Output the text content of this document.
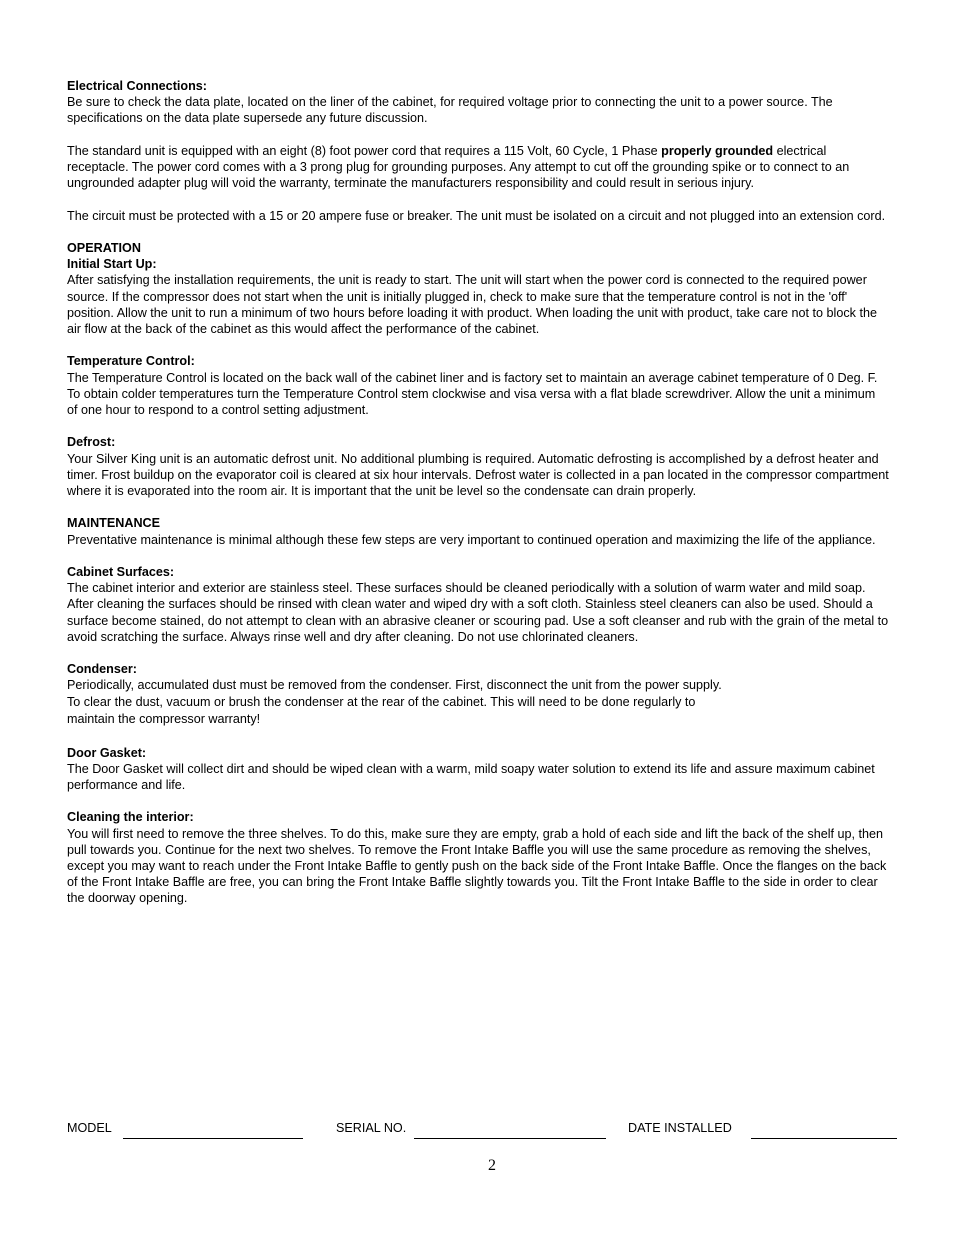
Electrical Connections:

Be sure to check the data plate, located on the liner of the cabinet, for required voltage prior to connecting the unit to a power source. The specifications on the data plate supersede any future discussion.

The standard unit is equipped with an eight (8) foot power cord that requires a 115 Volt, 60 Cycle, 1 Phase properly grounded electrical receptacle. The power cord comes with a 3 prong plug for grounding purposes. Any attempt to cut off the grounding spike or to connect to an ungrounded adapter plug will void the warranty, terminate the manufacturers responsibility and could result in serious injury.

The circuit must be protected with a 15 or 20 ampere fuse or breaker. The unit must be isolated on a circuit and not plugged into an extension cord.

OPERATION
Initial Start Up:

After satisfying the installation requirements, the unit is ready to start. The unit will start when the power cord is connected to the required power source. If the compressor does not start when the unit is initially plugged in, check to make sure that the temperature control is not in the 'off' position. Allow the unit to run a minimum of two hours before loading it with product. When loading the unit with product, take care not to block the air flow at the back of the cabinet as this would affect the performance of the cabinet.

Temperature Control:

The Temperature Control is located on the back wall of the cabinet liner and is factory set to maintain an average cabinet temperature of 0 Deg. F. To obtain colder temperatures turn the Temperature Control stem clockwise and visa versa with a flat blade screwdriver. Allow the unit a minimum of one hour to respond to a control setting adjustment.

Defrost:

Your Silver King unit is an automatic defrost unit. No additional plumbing is required. Automatic defrosting is accomplished by a defrost heater and timer. Frost buildup on the evaporator coil is cleared at six hour intervals. Defrost water is collected in a pan located in the compressor compartment where it is evaporated into the room air. It is important that the unit be level so the condensate can drain properly.

MAINTENANCE

Preventative maintenance is minimal although these few steps are very important to continued operation and maximizing the life of the appliance.

Cabinet Surfaces:

The cabinet interior and exterior are stainless steel. These surfaces should be cleaned periodically with a solution of warm water and mild soap. After cleaning the surfaces should be rinsed with clean water and wiped dry with a soft cloth. Stainless steel cleaners can also be used. Should a surface become stained, do not attempt to clean with an abrasive cleaner or scouring pad. Use a soft cleanser and rub with the grain of the metal to avoid scratching the surface. Always rinse well and dry after cleaning. Do not use chlorinated cleaners.

Condenser:

Periodically, accumulated dust must be removed from the condenser. First, disconnect the unit from the power supply. To clear the dust, vacuum or brush the condenser at the rear of the cabinet. This will need to be done regularly to maintain the compressor warranty!

Door Gasket:

The Door Gasket will collect dirt and should be wiped clean with a warm, mild soapy water solution to extend its life and assure maximum cabinet performance and life.

Cleaning the interior:

You will first need to remove the three shelves. To do this, make sure they are empty, grab a hold of each side and lift the back of the shelf up, then pull towards you. Continue for the next two shelves. To remove the Front Intake Baffle you will use the same procedure as removing the shelves, except you may want to reach under the Front Intake Baffle to gently push on the back side of the Front Intake Baffle. Once the flanges on the back of the Front Intake Baffle are free, you can bring the Front Intake Baffle slightly towards you. Tilt the Front Intake Baffle to the side in order to clear the doorway opening.

MODEL	SERIAL NO.	DATE INSTALLED
2
